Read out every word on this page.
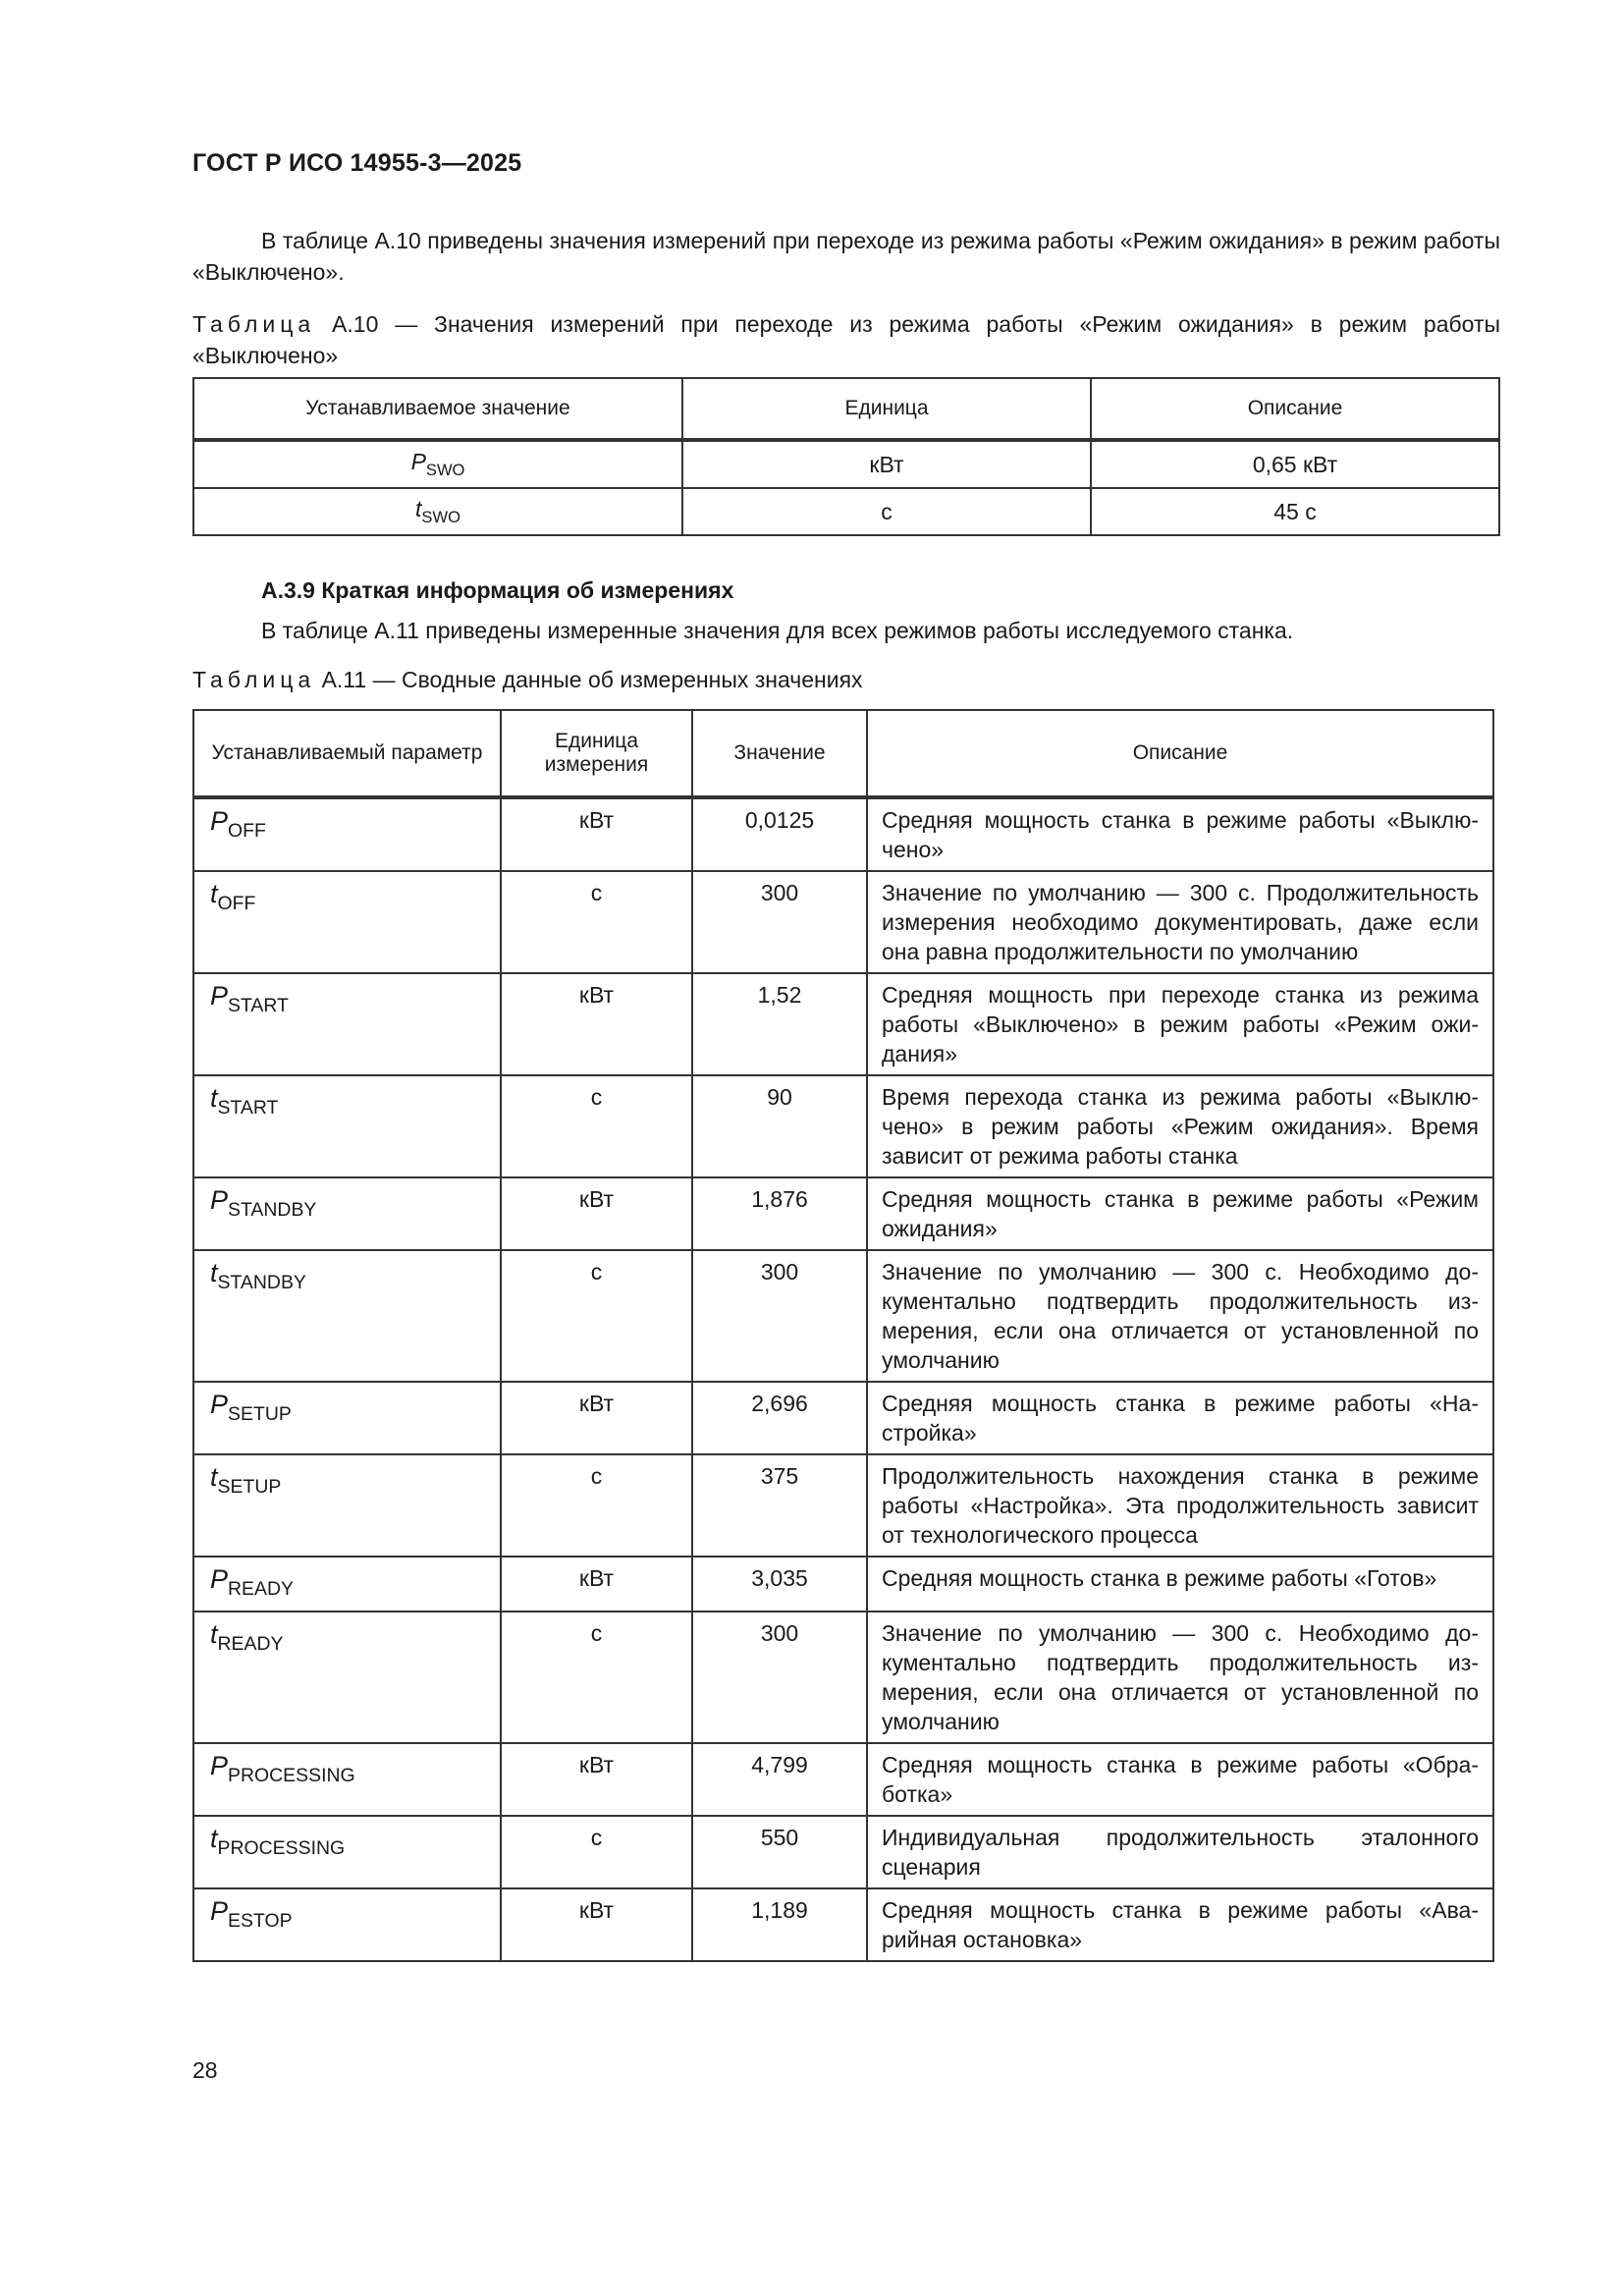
ГОСТ Р ИСО 14955-3—2025
В таблице А.10 приведены значения измерений при переходе из режима работы «Режим ожидания» в режим работы «Выключено».
Таблица А.10 — Значения измерений при переходе из режима работы «Режим ожидания» в режим работы «Выключено»
Устанавливаемое значение	Единица	Описание
$P_{SWO}$	кВт	0,65 кВт
$t_{SWO}$	с	45 с
А.3.9 Краткая информация об измерениях
В таблице А.11 приведены измеренные значения для всех режимов работы исследуемого станка.
Таблица А.11 — Сводные данные об измеренных значениях
Устанавливаемый параметр	Единица измерения	Значение	Описание
$P_{OFF}$	кВт	0,0125	Средняя мощность станка в режиме работы «Выключено»
$t_{OFF}$	с	300	Значение по умолчанию — 300 с. Продолжительность измерения необходимо документировать, даже если она равна продолжительности по умолчанию
$P_{START}$	кВт	1,52	Средняя мощность при переходе станка из режима работы «Выключено» в режим работы «Режим ожидания»
$t_{START}$	с	90	Время перехода станка из режима работы «Выключено» в режим работы «Режим ожидания». Время зависит от режима работы станка
$P_{STANDBY}$	кВт	1,876	Средняя мощность станка в режиме работы «Режим ожидания»
$t_{STANDBY}$	с	300	Значение по умолчанию — 300 с. Необходимо документально подтвердить продолжительность измерения, если она отличается от установленной по умолчанию
$P_{SETUP}$	кВт	2,696	Средняя мощность станка в режиме работы «Настройка»
$t_{SETUP}$	с	375	Продолжительность нахождения станка в режиме работы «Настройка». Эта продолжительность зависит от технологического процесса
$P_{READY}$	кВт	3,035	Средняя мощность станка в режиме работы «Готов»
$t_{READY}$	с	300	Значение по умолчанию — 300 с. Необходимо документально подтвердить продолжительность измерения, если она отличается от установленной по умолчанию
$P_{PROCESSING}$	кВт	4,799	Средняя мощность станка в режиме работы «Обработка»
$t_{PROCESSING}$	с	550	Индивидуальная продолжительность эталонного сценария
$P_{ESTOP}$	кВт	1,189	Средняя мощность станка в режиме работы «Аварийная остановка»
28
